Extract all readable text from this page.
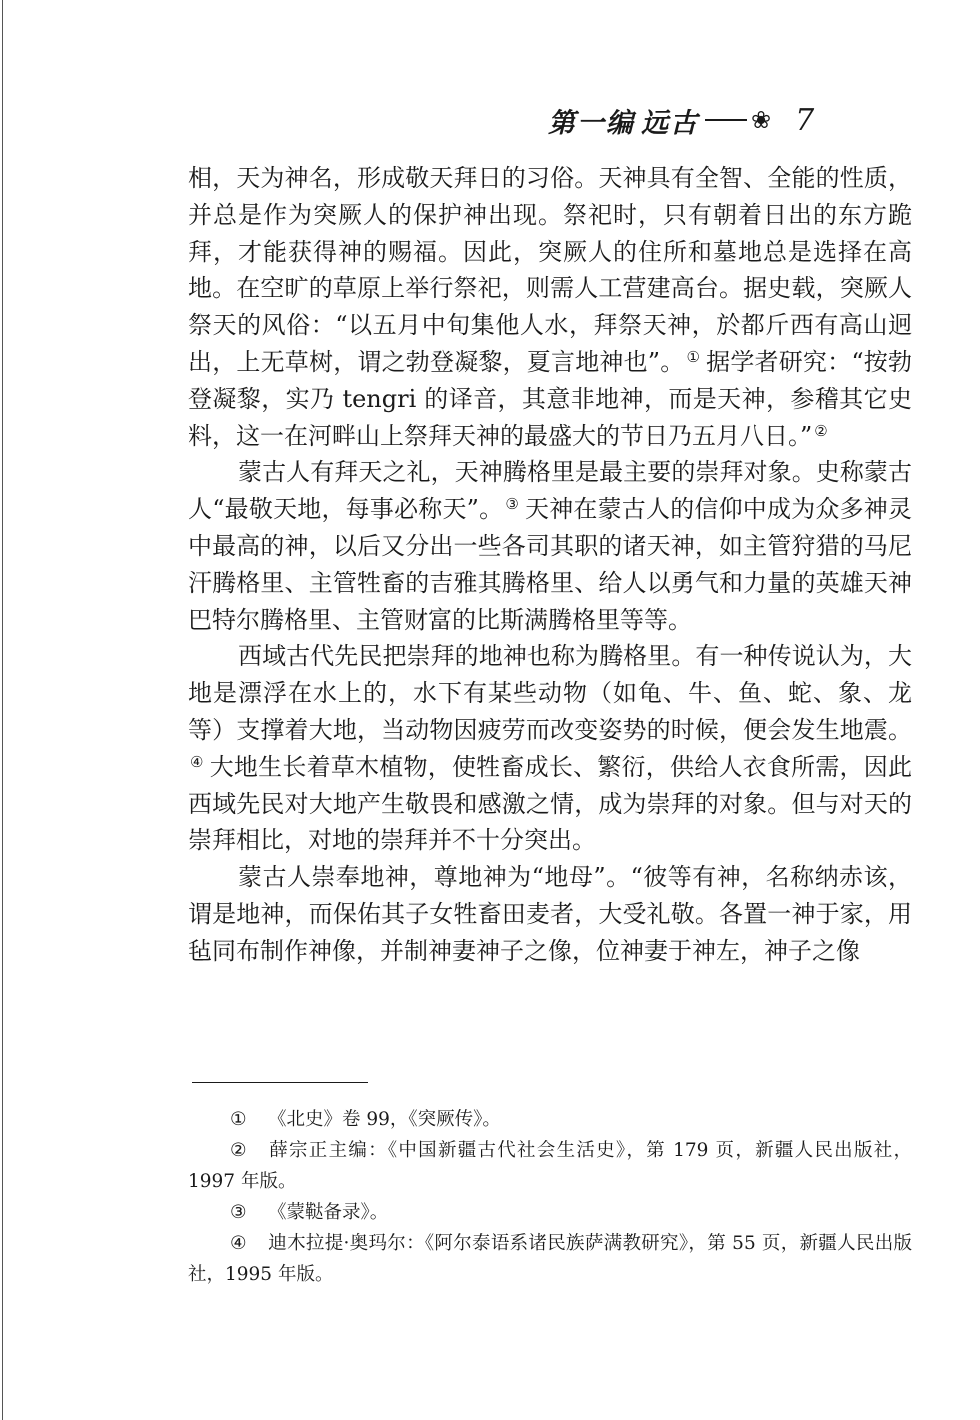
第一编 远古 ❀ 7

相，天为神名，形成敬天拜日的习俗。天神具有全智、全能的性质，并总是作为突厥人的保护神出现。祭祀时，只有朝着日出的东方跪拜，才能获得神的赐福。因此，突厥人的住所和墓地总是选择在高地。在空旷的草原上举行祭祀，则需人工营建高台。据史载，突厥人祭天的风俗：“以五月中旬集他人水，拜祭天神，於都斤西有高山迥出，上无草树，谓之勃登凝黎，夏言地神也”。 ① 据学者研究：“按勃登凝黎，实乃 tengri 的译音，其意非地神，而是天神，参稽其它史料，这一在河畔山上祭拜天神的最盛大的节日乃五月八日。” ②

蒙古人有拜天之礼，天神腾格里是最主要的崇拜对象。史称蒙古人“最敬天地，每事必称天”。 ③ 天神在蒙古人的信仰中成为众多神灵中最高的神，以后又分出一些各司其职的诸天神，如主管狩猎的马尼汗腾格里、主管牲畜的吉雅其腾格里、给人以勇气和力量的英雄天神巴特尔腾格里、主管财富的比斯满腾格里等等。

西域古代先民把崇拜的地神也称为腾格里。有一种传说认为，大地是漂浮在水上的，水下有某些动物（如龟、牛、鱼、蛇、象、龙等）支撑着大地，当动物因疲劳而改变姿势的时候，便会发生地震。④ 大地生长着草木植物，使牲畜成长、繁衍，供给人衣食所需，因此西域先民对大地产生敬畏和感激之情，成为崇拜的对象。但与对天的崇拜相比，对地的崇拜并不十分突出。

蒙古人崇奉地神，尊地神为“地母”。“彼等有神，名称纳赤该，谓是地神，而保佑其子女牲畜田麦者，大受礼敬。各置一神于家，用毡同布制作神像，并制神妻神子之像，位神妻于神左，神子之像

① 《北史》卷 99，《突厥传》。

② 薛宗正主编：《中国新疆古代社会生活史》，第 179 页，新疆人民出版社，1997 年版。

③ 《蒙鞑备录》。

④ 迪木拉提·奥玛尔：《阿尔泰语系诸民族萨满教研究》，第 55 页，新疆人民出版社，1995 年版。
